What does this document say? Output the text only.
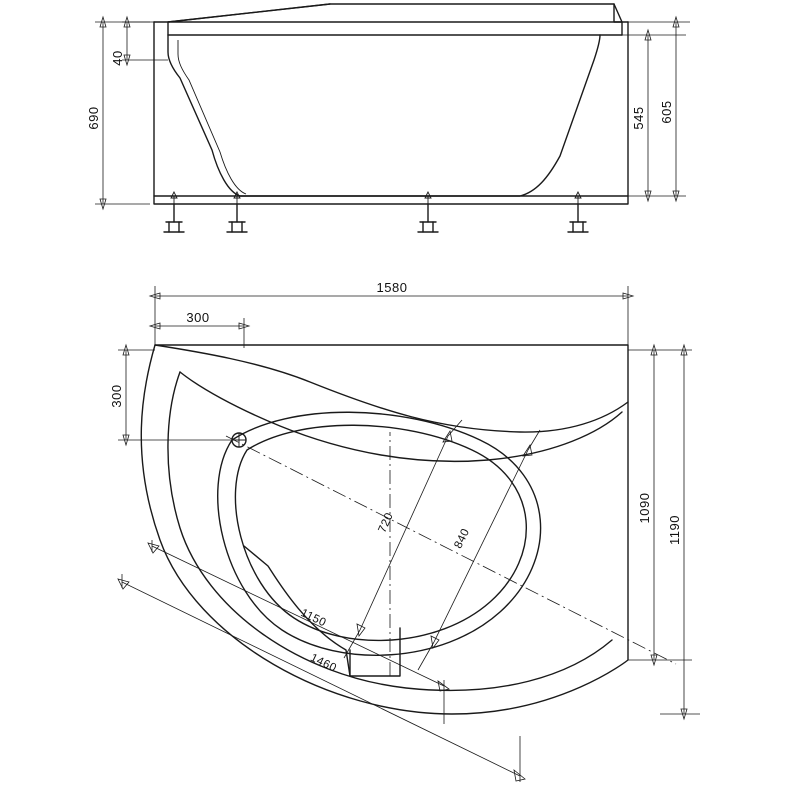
690
40
545 605
1580
300
300
1090
1190
1150
1460
720
840
